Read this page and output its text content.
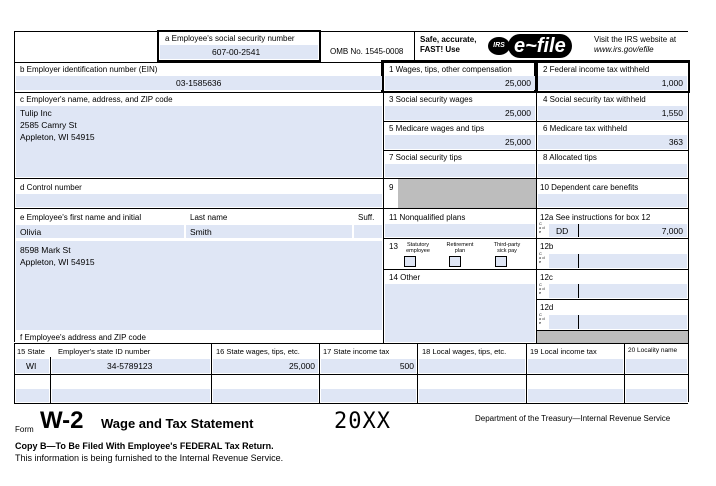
a Employee's social security number
607-00-2541	OMB No. 1545-0008
Safe, accurate,
FAST! Use	IRS e~file	Visit the IRS website at
www.irs.gov/efile
b Employer identification number (EIN)
03-1585636
c Employer's name, address, and ZIP code
Tulip Inc
2585 Camry St
Appleton, WI 54915
d Control number
e Employee's first name and initial	Last name	Suff.
Olivia	Smith
8598 Mark St
Appleton, WI 54915
f Employee's address and ZIP code
1 Wages, tips, other compensation
25,000
3 Social security wages
25,000
5 Medicare wages and tips
25,000
7 Social security tips
9
11 Nonqualified plans
13	Statutory employee
Retirement plan
Third-party sick pay
14 Other
2 Federal income tax withheld
1,000
4 Social security tax withheld
1,550
6 Medicare tax withheld
363
8 Allocated tips
10 Dependent care benefits
12a See instructions for box 12
DD	7,000
C o d e
12b
C o d e
12c
C o d e
12d
C o d e
15 State Employer's state ID number	16 State wages, tips, etc.	17 State income tax	18 Local wages, tips, etc.	19 Local income tax	20 Locality name
WI	34-5789123	25,000	500
Form W-2 Wage and Tax Statement	20XX	Department of the Treasury—Internal Revenue Service
Copy B—To Be Filed With Employee's FEDERAL Tax Return.
This information is being furnished to the Internal Revenue Service.
